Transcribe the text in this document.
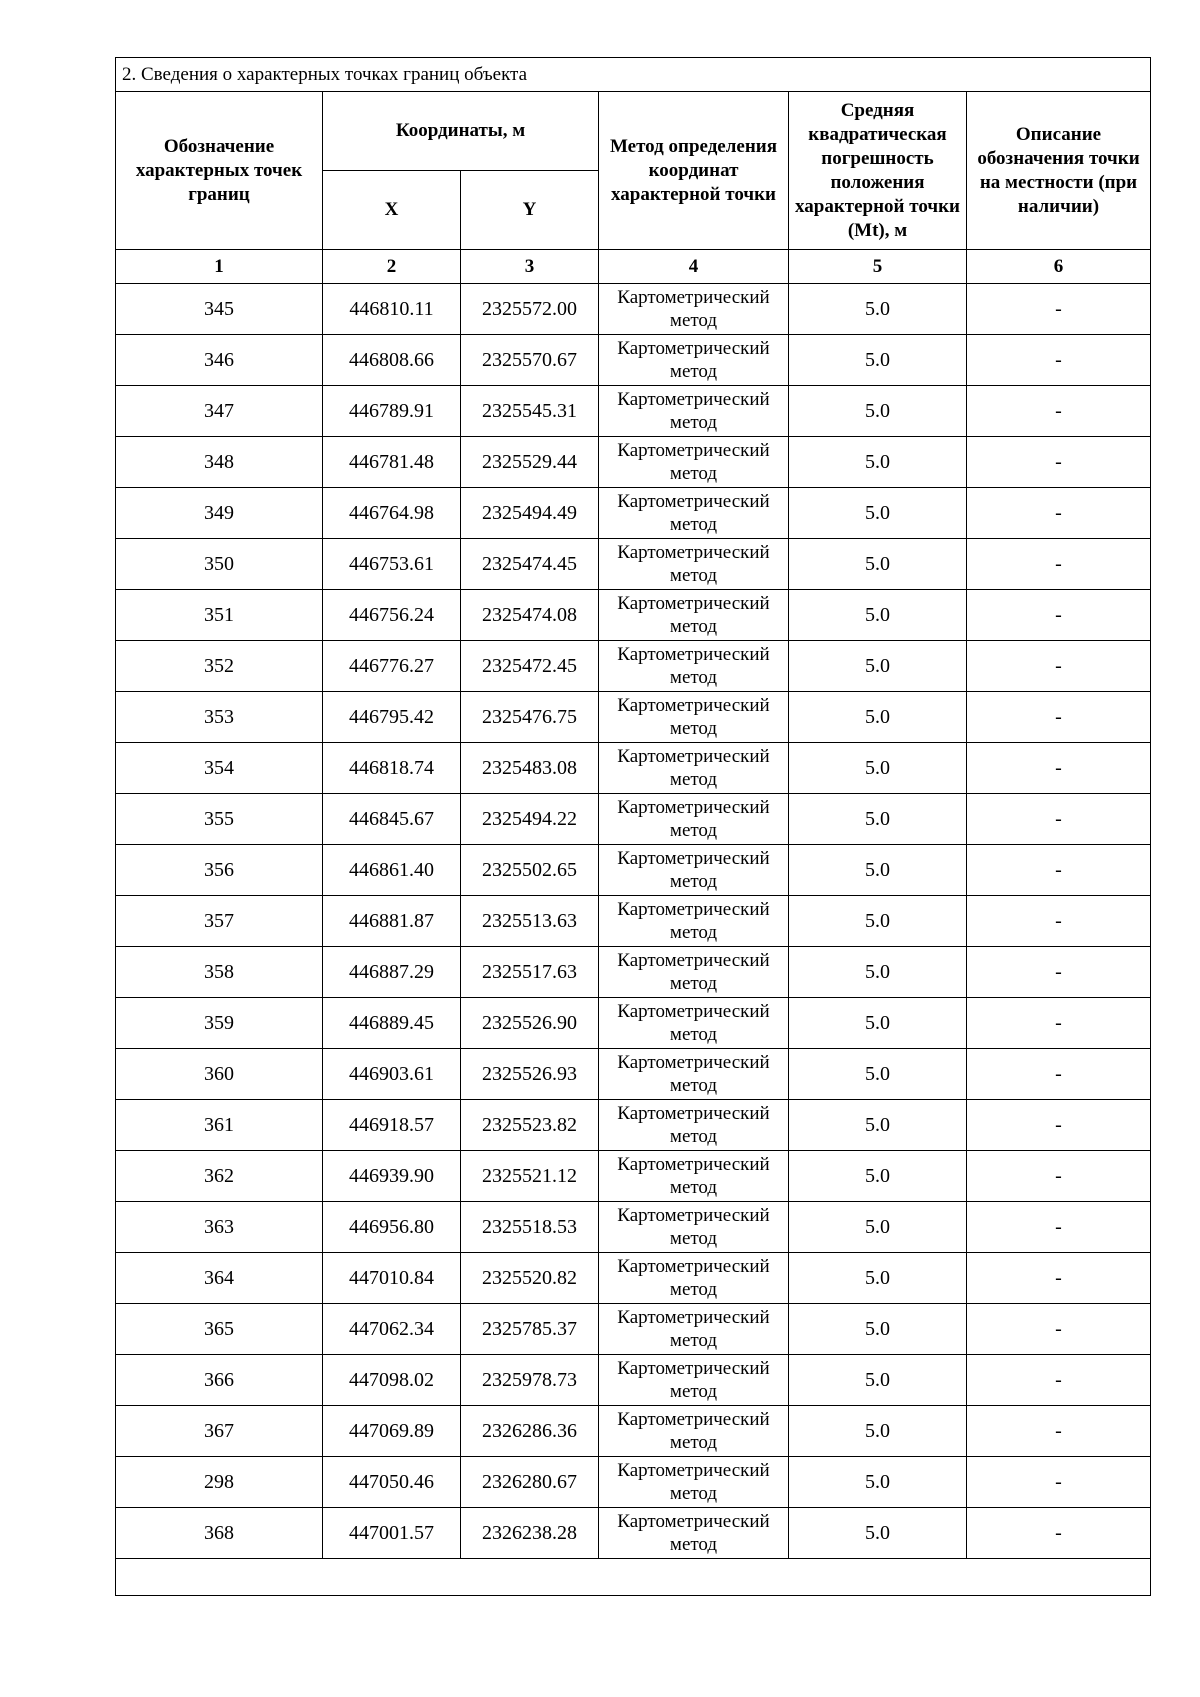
2. Сведения о характерных точках границ объекта					
Обозначение характерных точек границ	Координаты, м		Метод определения координат характерной точки	Средняя квадратическая погрешность положения характерной точки (Mt), м	Описание обозначения точки на местности (при наличии)
	X	Y			
1	2	3	4	5	6
345	446810.11	2325572.00	Картометрический метод	5.0	-
346	446808.66	2325570.67	Картометрический метод	5.0	-
347	446789.91	2325545.31	Картометрический метод	5.0	-
348	446781.48	2325529.44	Картометрический метод	5.0	-
349	446764.98	2325494.49	Картометрический метод	5.0	-
350	446753.61	2325474.45	Картометрический метод	5.0	-
351	446756.24	2325474.08	Картометрический метод	5.0	-
352	446776.27	2325472.45	Картометрический метод	5.0	-
353	446795.42	2325476.75	Картометрический метод	5.0	-
354	446818.74	2325483.08	Картометрический метод	5.0	-
355	446845.67	2325494.22	Картометрический метод	5.0	-
356	446861.40	2325502.65	Картометрический метод	5.0	-
357	446881.87	2325513.63	Картометрический метод	5.0	-
358	446887.29	2325517.63	Картометрический метод	5.0	-
359	446889.45	2325526.90	Картометрический метод	5.0	-
360	446903.61	2325526.93	Картометрический метод	5.0	-
361	446918.57	2325523.82	Картометрический метод	5.0	-
362	446939.90	2325521.12	Картометрический метод	5.0	-
363	446956.80	2325518.53	Картометрический метод	5.0	-
364	447010.84	2325520.82	Картометрический метод	5.0	-
365	447062.34	2325785.37	Картометрический метод	5.0	-
366	447098.02	2325978.73	Картометрический метод	5.0	-
367	447069.89	2326286.36	Картометрический метод	5.0	-
298	447050.46	2326280.67	Картометрический метод	5.0	-
368	447001.57	2326238.28	Картометрический метод	5.0	-
